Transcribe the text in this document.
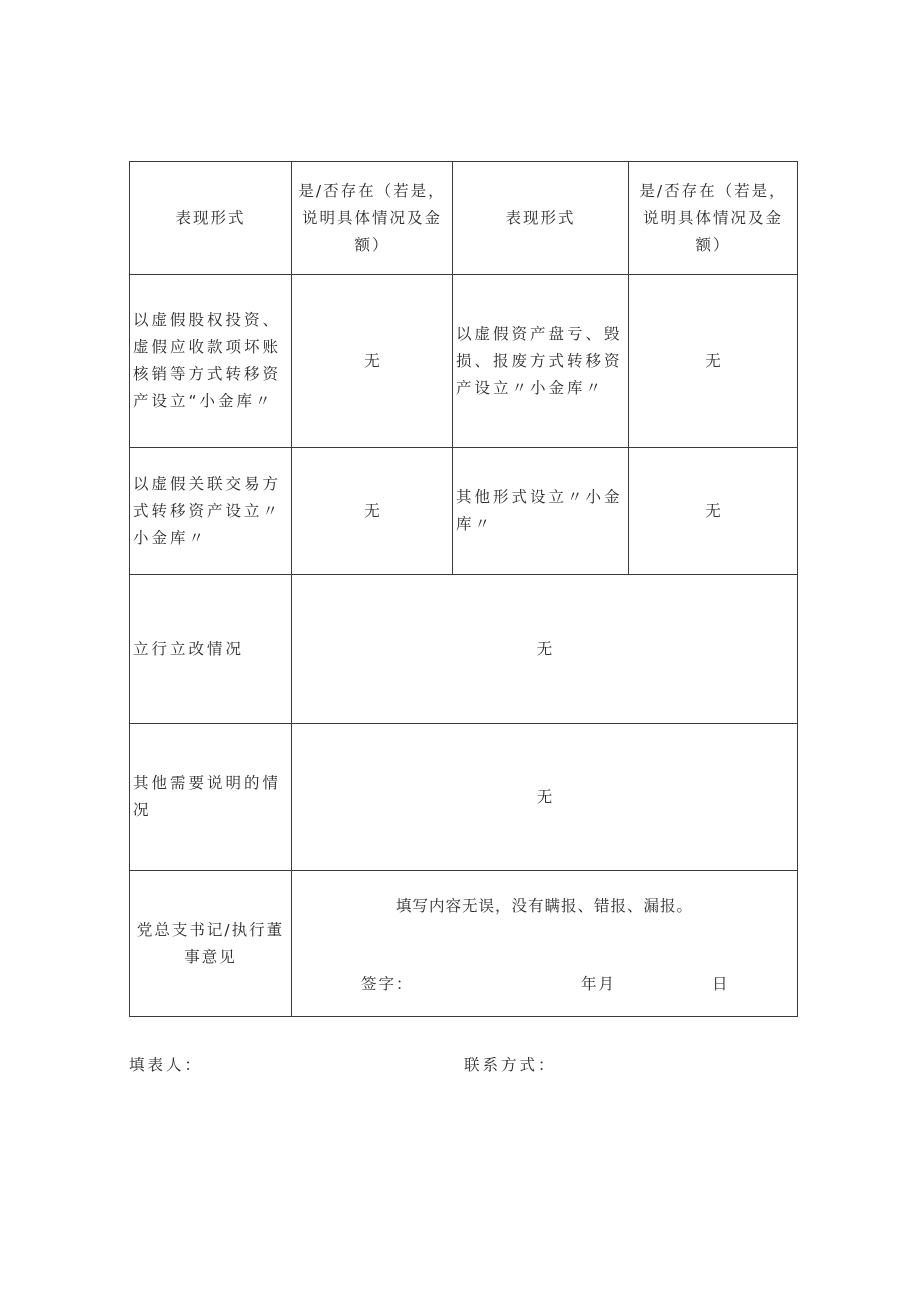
表现形式	是/否存在（若是，说明具体情况及金额）	表现形式	是/否存在（若是，说明具体情况及金额）
以虚假股权投资、虚假应收款项坏账核销等方式转移资产设立“小金库〃	无	以虚假资产盘亏、毁损、报废方式转移资产设立〃小金库〃	无
以虚假关联交易方式转移资产设立〃小金库〃	无	其他形式设立〃小金库〃	无
立行立改情况	无		
其他需要说明的情况	无		
党总支书记/执行董事意见	填写内容无误，没有瞒报、错报、漏报。
签字： 年月 日		
填表人：	联系方式：
